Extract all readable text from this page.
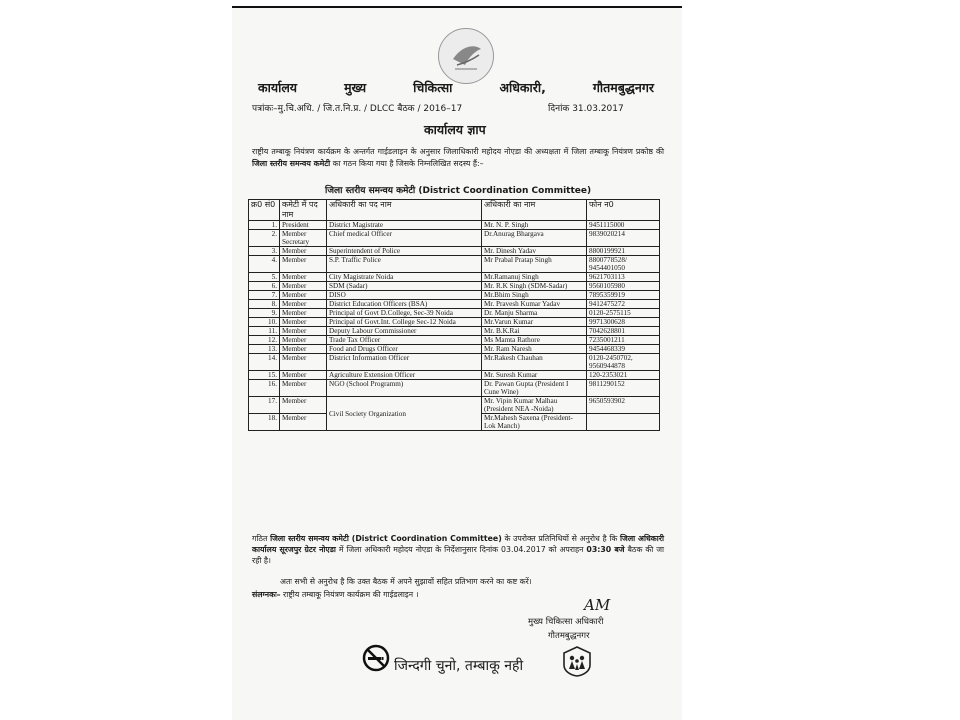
कार्यालय	मुख्य	चिकित्सा	अधिकारी,	गौतमबुद्धनगर
पत्रांकः–मु.चि.अधि. / जि.त.नि.प्र. / DLCC बैठक / 2016–17	दिनांक 31.03.2017
कार्यालय ज्ञाप
राष्ट्रीय तम्बाकू नियंत्रण कार्यक्रम के अन्तर्गत गाईडलाइन के अनुसार जिलाधिकारी महोदय नोएडा की अध्यक्षता में जिला तम्बाकू नियंत्रण प्रकोष्ठ की जिला स्तरीय समन्वय कमेटी का गठन किया गया है जिसके निम्नलिखित सदस्य हैं:–
जिला स्तरीय समन्वय कमेटी (District Coordination Committee)
क्र0 सं0	कमेटी में पद नाम	अधिकारी का पद नाम	अधिकारी का नाम	फोन न0
1.	President	District Magistrate	Mr. N. P. Singh	9451115000
2.	Member Secretary	Chief medical Officer	Dr.Anurag Bhargava	9839020214
3.	Member	Superintendent of Police	Mr. Dinesh Yadav	8800199921
4.	Member	S.P. Traffic Police	Mr Prabal Pratap Singh	8800778528/ 9454401050
5.	Member	City Magistrate Noida	Mr.Ramanuj Singh	9621703113
6.	Member	SDM (Sadar)	Mr. R.K Singh (SDM-Sadar)	9560105980
7.	Member	DISO	Mr.Bhim Singh	7895359919
8.	Member	District Education Officers (BSA)	Mr. Pravesh Kumar Yadav	9412475272
9.	Member	Principal of Govt D.College, Sec-39 Noida	Dr. Manju Sharma	0120-2575115
10.	Member	Principal of Govt.Int. College Sec-12 Noida	Mr.Varun Kumar	9971300628
11.	Member	Deputy Labour Commissioner	Mr. B.K.Rai	7042628801
12.	Member	Trade Tax Officer	Ms Mamta Rathore	7235001211
13.	Member	Food and Drugs Officer	Mr. Ram Naresh	9454468339
14.	Member	District Information Officer	Mr.Rakesh Chauhan	0120-2450702, 9560944878
15.	Member	Agriculture Extension Officer	Mr. Suresh Kumar	120-2353021
16.	Member	NGO (School Programm)	Dr. Pawan Gupta (President I Cune Wine)	9811290152
17.	Member	Civil Society Organization	Mr. Vipin Kumar Malhau (President NEA -Noida)	9650593902
18.	Member		Mr.Mahesh Saxena (President-Lok Manch)	
गठित जिला स्तरीय समन्वय कमेटी (District Coordination Committee) के उपरोक्त प्रतिनिधियों से अनुरोध है कि जिला अधिकारी कार्यालय सूरजपुर ग्रेटर नोएडा में जिला अधिकारी महोदय नोएडा के निर्देशानुसार दिनांक 03.04.2017 को अपराहन 03:30 बजे बैठक की जा रही है।
अतः सभी से अनुरोध है कि उक्त बैठक में अपने सुझावों सहित प्रतिभाग करने का कष्ट करें।
संलग्नकः– राष्ट्रीय तम्बाकू नियंत्रण कार्यक्रम की गाईडलाइन ।
AM
मुख्य चिकित्सा अधिकारी
गौतमबुद्धनगर
जिन्दगी चुनो, तम्बाकू नही
